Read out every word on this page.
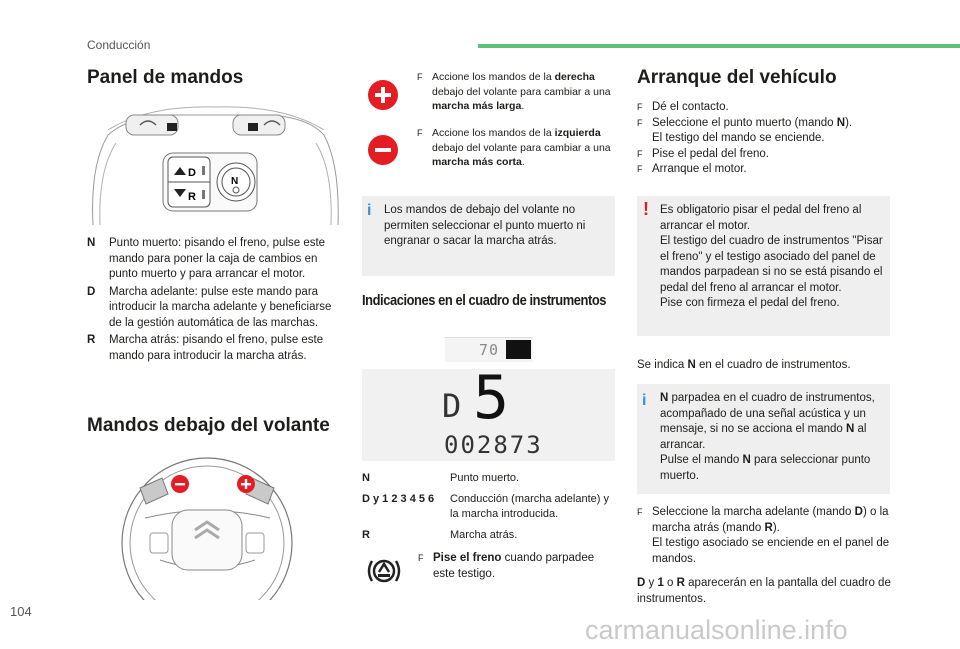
Conducción
Panel de mandos
D
R
N
N	Punto muerto: pisando el freno, pulse este mando para poner la caja de cambios en punto muerto y para arrancar el motor.
D	Marcha adelante: pulse este mando para introducir la marcha adelante y beneficiarse de la gestión automática de las marchas.
R	Marcha atrás: pisando el freno, pulse este mando para introducir la marcha atrás.
Mandos debajo del volante
F Accione los mandos de la derecha debajo del volante para cambiar a una marcha más larga.
F Accione los mandos de la izquierda debajo del volante para cambiar a una marcha más corta.
i Los mandos de debajo del volante no permiten seleccionar el punto muerto ni engranar o sacar la marcha atrás.
Indicaciones en el cuadro de instrumentos
70
D 5
002873
N	Punto muerto.
D y 1 2 3 4 5 6	Conducción (marcha adelante) y la marcha introducida.
R	Marcha atrás.
F Pise el freno cuando parpadee este testigo.
Arranque del vehículo
F Dé el contacto.
F Seleccione el punto muerto (mando N).
El testigo del mando se enciende.
F Pise el pedal del freno.
F Arranque el motor.
! Es obligatorio pisar el pedal del freno al arrancar el motor.
El testigo del cuadro de instrumentos "Pisar el freno" y el testigo asociado del panel de mandos parpadean si no se está pisando el pedal del freno al arrancar el motor.
Pise con firmeza el pedal del freno.
Se indica N en el cuadro de instrumentos.
i N parpadea en el cuadro de instrumentos, acompañado de una señal acústica y un mensaje, si no se acciona el mando N al arrancar.
Pulse el mando N para seleccionar punto muerto.
F Seleccione la marcha adelante (mando D) o la marcha atrás (mando R).
El testigo asociado se enciende en el panel de mandos.
D y 1 o R aparecerán en la pantalla del cuadro de instrumentos.
104
carmanualsonline.info
